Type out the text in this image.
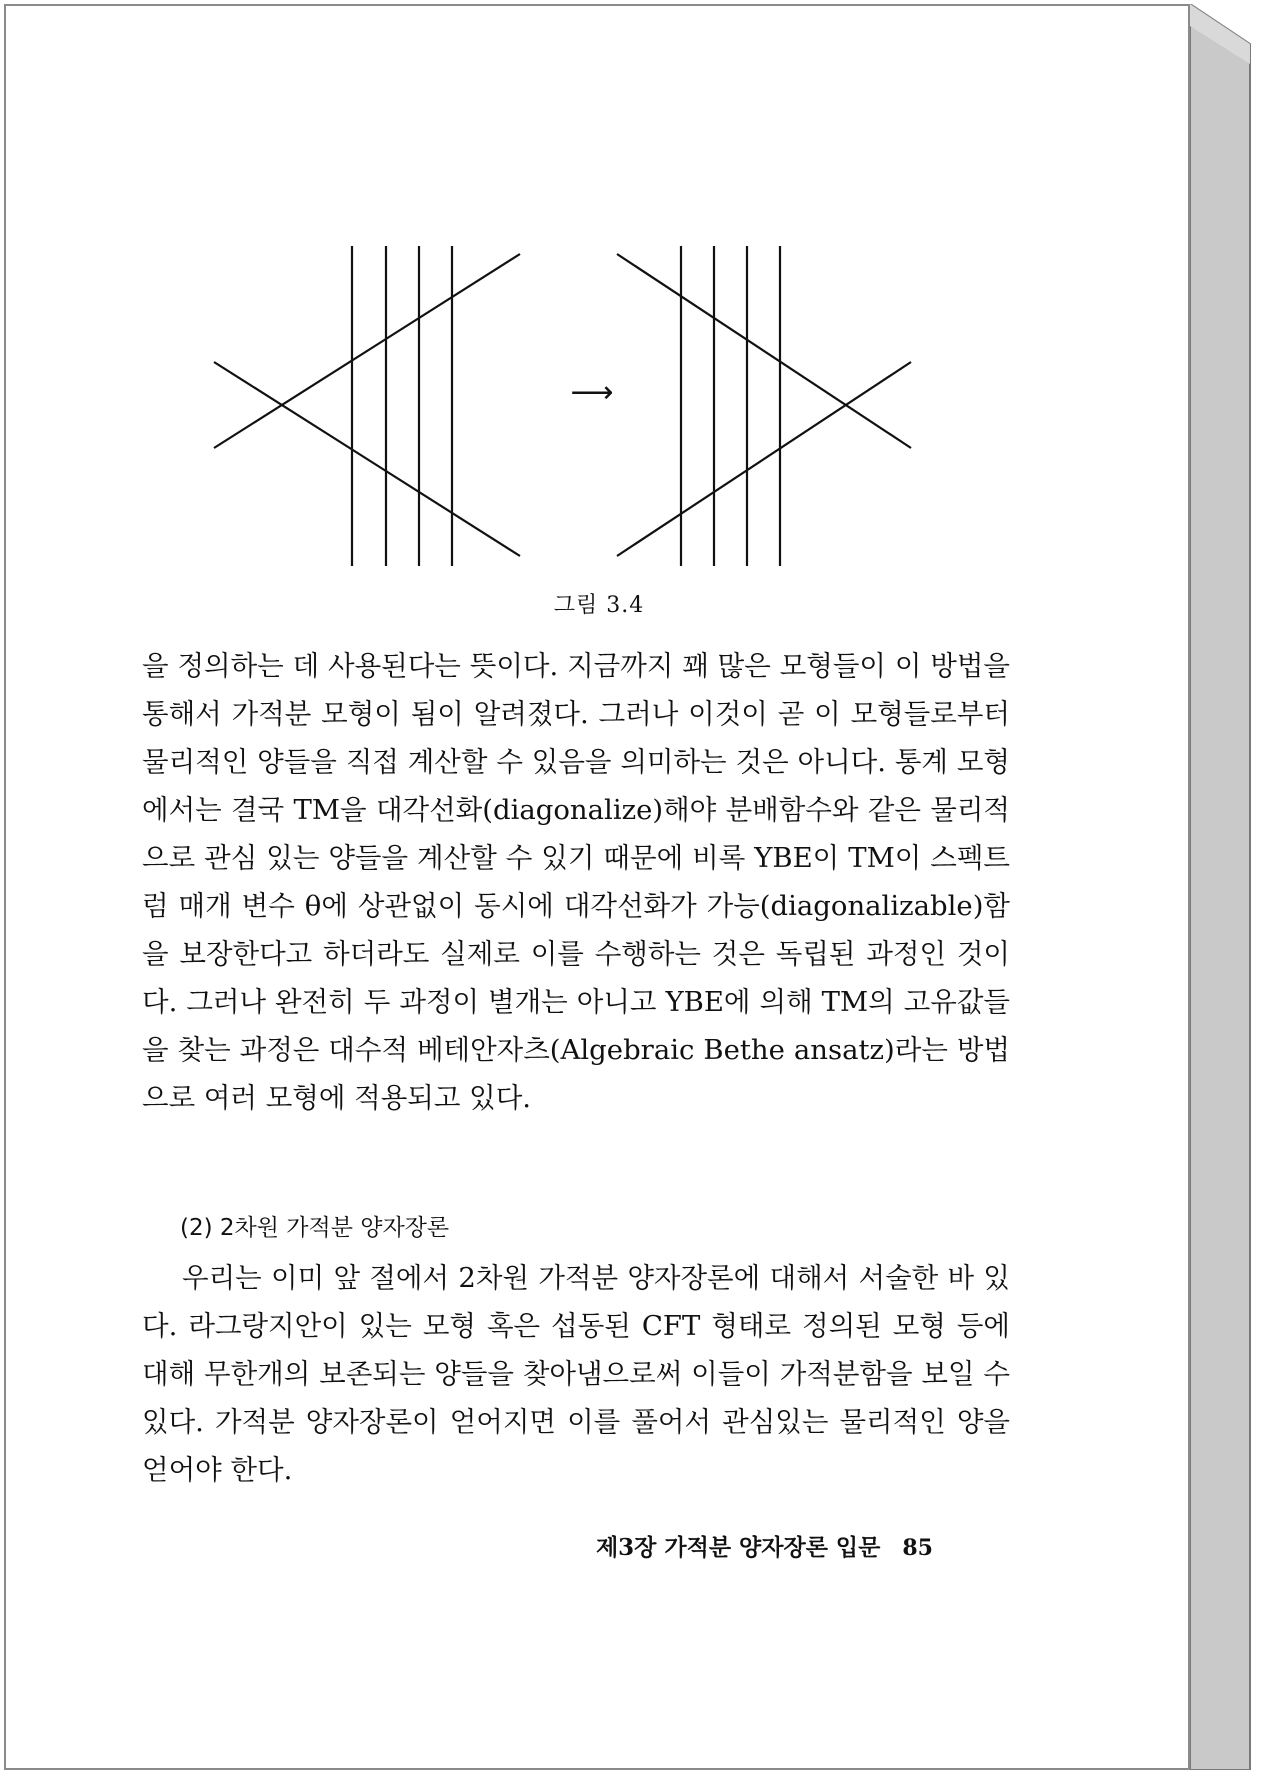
⟶
그림 3.4

을 정의하는 데 사용된다는 뜻이다. 지금까지 꽤 많은 모형들이 이 방법을 통해서 가적분 모형이 됨이 알려졌다. 그러나 이것이 곧 이 모형들로부터 물리적인 양들을 직접 계산할 수 있음을 의미하는 것은 아니다. 통계 모형에서는 결국 TM을 대각선화(diagonalize)해야 분배함수와 같은 물리적으로 관심 있는 양들을 계산할 수 있기 때문에 비록 YBE이 TM이 스펙트럼 매개 변수 θ에 상관없이 동시에 대각선화가 가능(diagonalizable)함을 보장한다고 하더라도 실제로 이를 수행하는 것은 독립된 과정인 것이다. 그러나 완전히 두 과정이 별개는 아니고 YBE에 의해 TM의 고유값들을 찾는 과정은 대수적 베테안자츠(Algebraic Bethe ansatz)라는 방법으로 여러 모형에 적용되고 있다.

(2) 2차원 가적분 양자장론

우리는 이미 앞 절에서 2차원 가적분 양자장론에 대해서 서술한 바 있다. 라그랑지안이 있는 모형 혹은 섭동된 CFT 형태로 정의된 모형 등에 대해 무한개의 보존되는 양들을 찾아냄으로써 이들이 가적분함을 보일 수 있다. 가적분 양자장론이 얻어지면 이를 풀어서 관심있는 물리적인 양을 얻어야 한다.

제3장 가적분 양자장론 입문 85
